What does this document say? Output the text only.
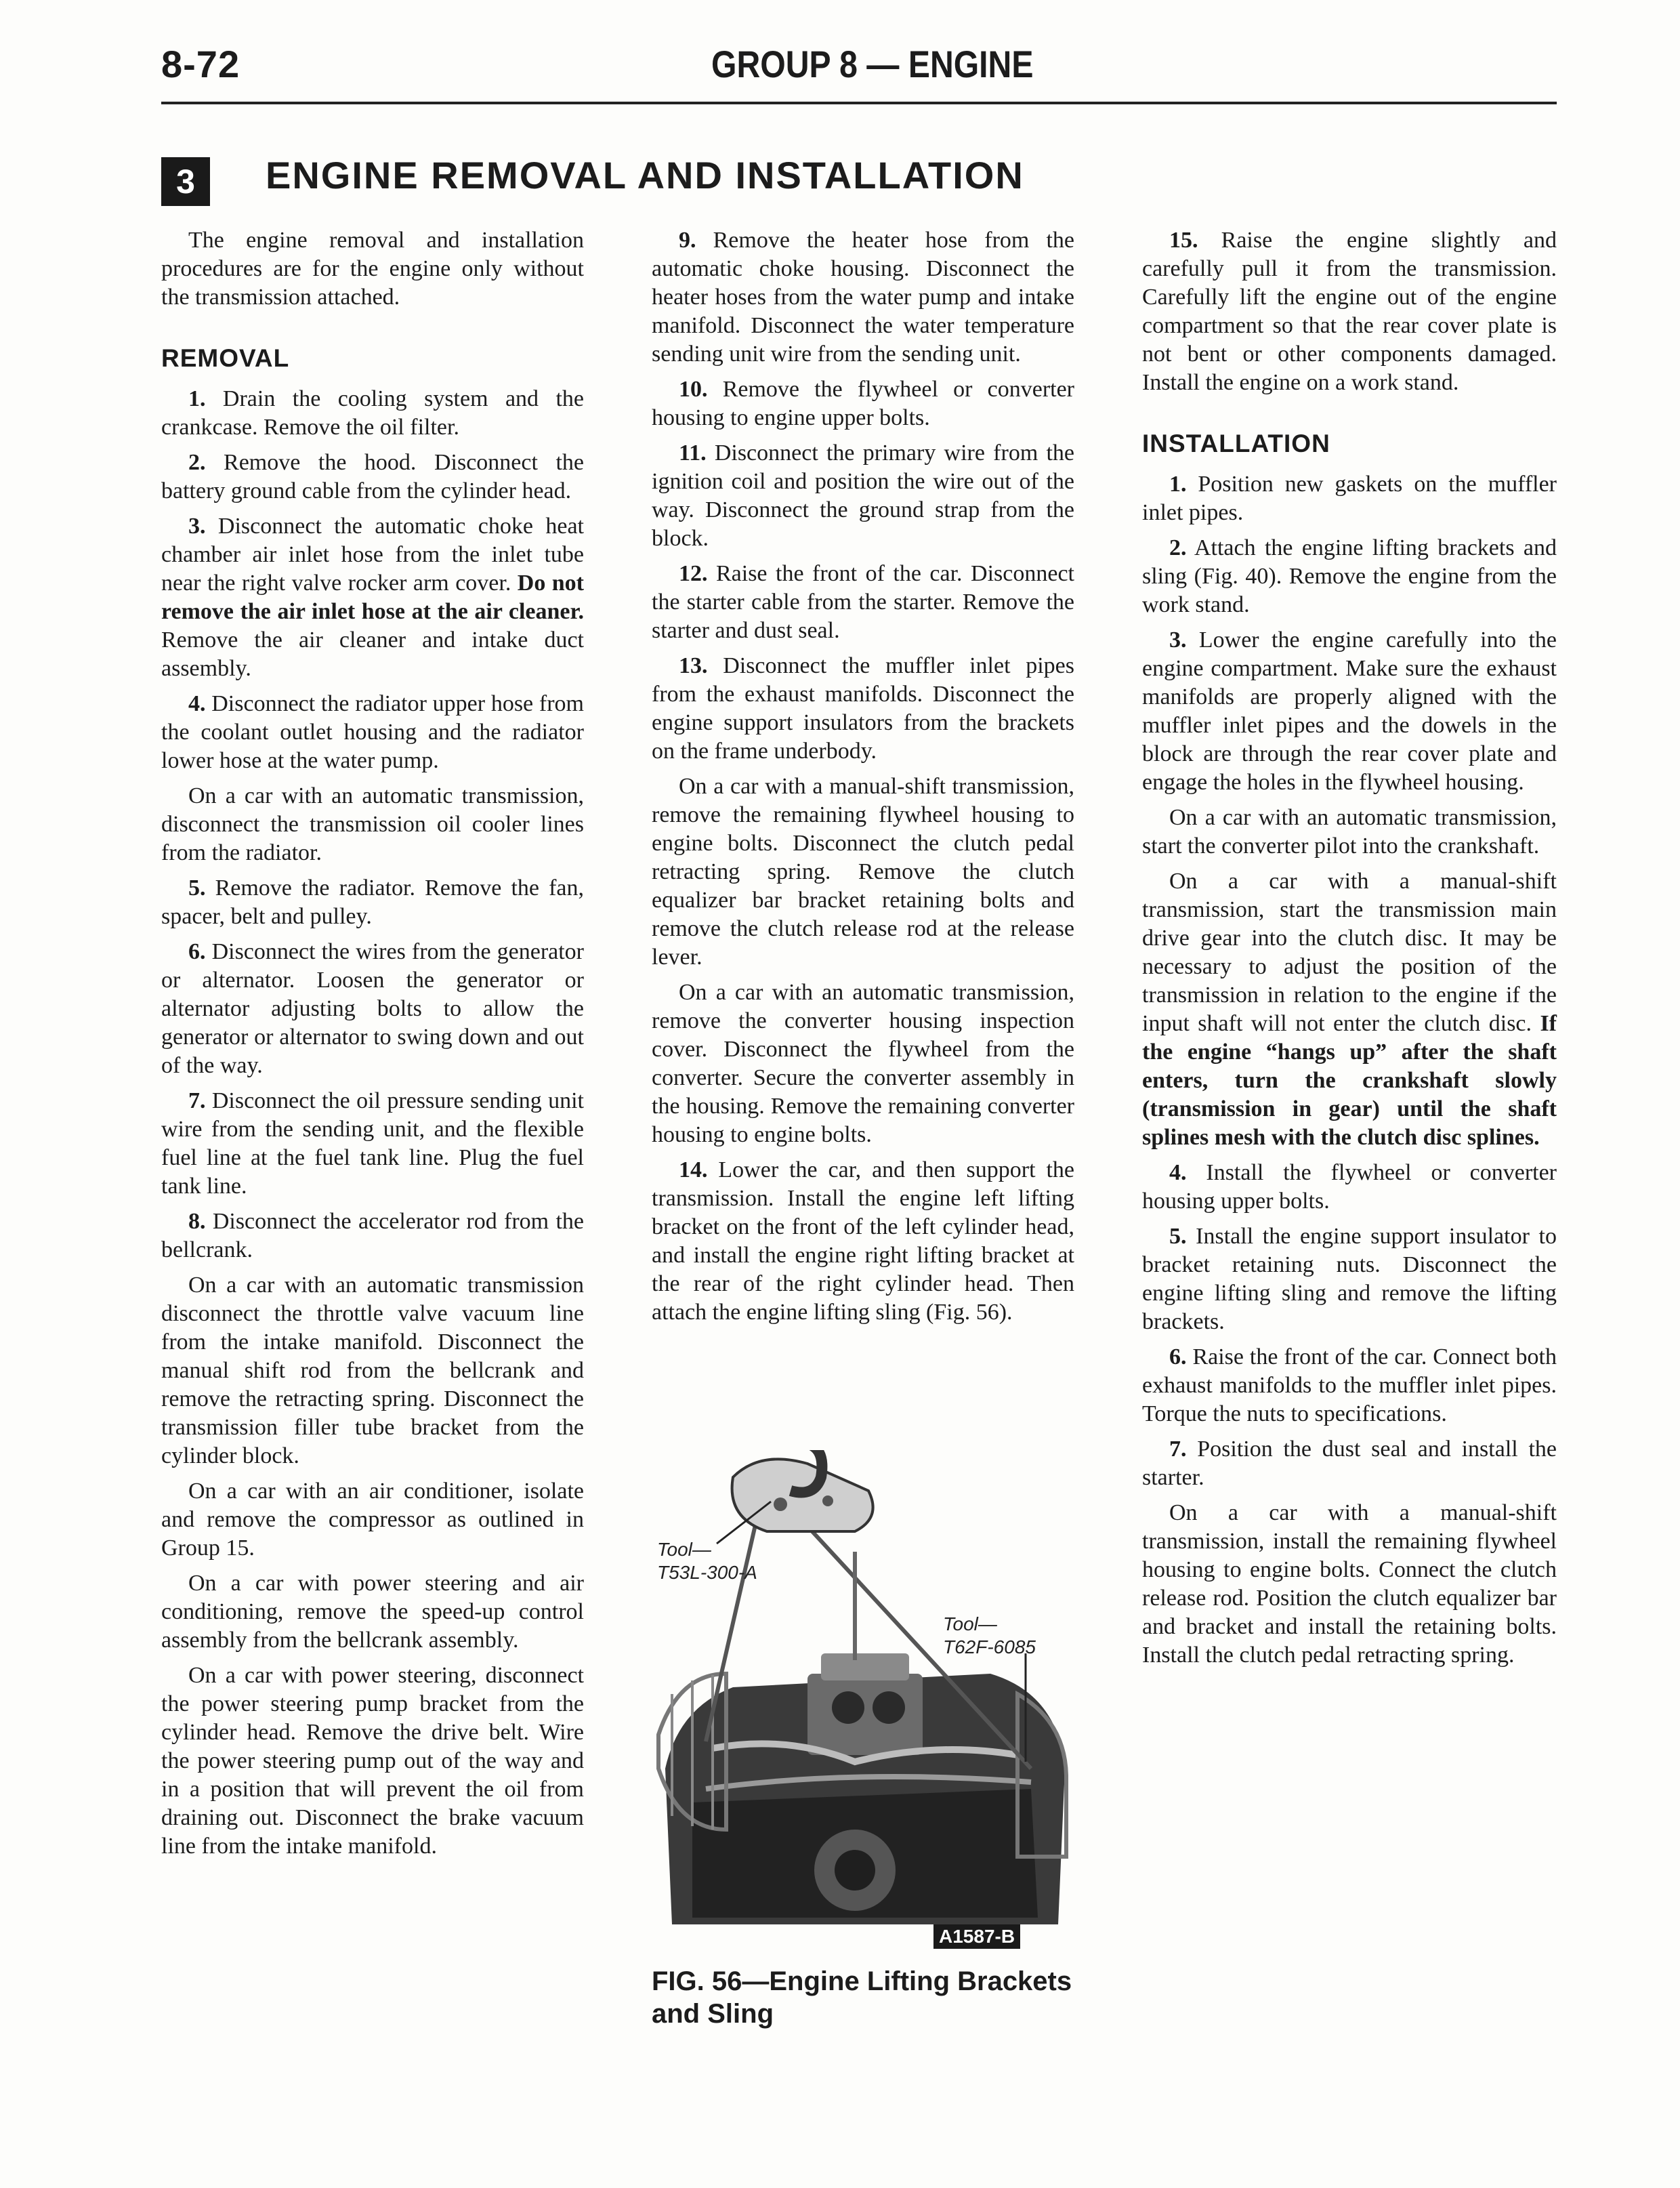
8-72	GROUP 8 — ENGINE
3	ENGINE REMOVAL AND INSTALLATION

The engine removal and installation procedures are for the engine only without the transmission attached.

REMOVAL

1. Drain the cooling system and the crankcase. Remove the oil filter.

2. Remove the hood. Disconnect the battery ground cable from the cylinder head.

3. Disconnect the automatic choke heat chamber air inlet hose from the inlet tube near the right valve rocker arm cover. Do not remove the air inlet hose at the air cleaner. Remove the air cleaner and intake duct assembly.

4. Disconnect the radiator upper hose from the coolant outlet housing and the radiator lower hose at the water pump.

On a car with an automatic transmission, disconnect the transmission oil cooler lines from the radiator.

5. Remove the radiator. Remove the fan, spacer, belt and pulley.

6. Disconnect the wires from the generator or alternator. Loosen the generator or alternator adjusting bolts to allow the generator or alternator to swing down and out of the way.

7. Disconnect the oil pressure sending unit wire from the sending unit, and the flexible fuel line at the fuel tank line. Plug the fuel tank line.

8. Disconnect the accelerator rod from the bellcrank.

On a car with an automatic transmission disconnect the throttle valve vacuum line from the intake manifold. Disconnect the manual shift rod from the bellcrank and remove the retracting spring. Disconnect the transmission filler tube bracket from the cylinder block.

On a car with an air conditioner, isolate and remove the compressor as outlined in Group 15.

On a car with power steering and air conditioning, remove the speed-up control assembly from the bellcrank assembly.

On a car with power steering, disconnect the power steering pump bracket from the cylinder head. Remove the drive belt. Wire the power steering pump out of the way and in a position that will prevent the oil from draining out. Disconnect the brake vacuum line from the intake manifold.

9. Remove the heater hose from the automatic choke housing. Disconnect the heater hoses from the water pump and intake manifold. Disconnect the water temperature sending unit wire from the sending unit.

10. Remove the flywheel or converter housing to engine upper bolts.

11. Disconnect the primary wire from the ignition coil and position the wire out of the way. Disconnect the ground strap from the block.

12. Raise the front of the car. Disconnect the starter cable from the starter. Remove the starter and dust seal.

13. Disconnect the muffler inlet pipes from the exhaust manifolds. Disconnect the engine support insulators from the brackets on the frame underbody.

On a car with a manual-shift transmission, remove the remaining flywheel housing to engine bolts. Disconnect the clutch pedal retracting spring. Remove the clutch equalizer bar bracket retaining bolts and remove the clutch release rod at the release lever.

On a car with an automatic transmission, remove the converter housing inspection cover. Disconnect the flywheel from the converter. Secure the converter assembly in the housing. Remove the remaining converter housing to engine bolts.

14. Lower the car, and then support the transmission. Install the engine left lifting bracket on the front of the left cylinder head, and install the engine right lifting bracket at the rear of the right cylinder head. Then attach the engine lifting sling (Fig. 56).

15. Raise the engine slightly and carefully pull it from the transmission. Carefully lift the engine out of the engine compartment so that the rear cover plate is not bent or other components damaged. Install the engine on a work stand.

INSTALLATION

1. Position new gaskets on the muffler inlet pipes.

2. Attach the engine lifting brackets and sling (Fig. 40). Remove the engine from the work stand.

3. Lower the engine carefully into the engine compartment. Make sure the exhaust manifolds are properly aligned with the muffler inlet pipes and the dowels in the block are through the rear cover plate and engage the holes in the flywheel housing.

On a car with an automatic transmission, start the converter pilot into the crankshaft.

On a car with a manual-shift transmission, start the transmission main drive gear into the clutch disc. It may be necessary to adjust the position of the transmission in relation to the engine if the input shaft will not enter the clutch disc. If the engine “hangs up” after the shaft enters, turn the crankshaft slowly (transmission in gear) until the shaft splines mesh with the clutch disc splines.

4. Install the flywheel or converter housing upper bolts.

5. Install the engine support insulator to bracket retaining nuts. Disconnect the engine lifting sling and remove the lifting brackets.

6. Raise the front of the car. Connect both exhaust manifolds to the muffler inlet pipes. Torque the nuts to specifications.

7. Position the dust seal and install the starter.

On a car with a manual-shift transmission, install the remaining flywheel housing to engine bolts. Connect the clutch release rod. Position the clutch equalizer bar and bracket and install the retaining bolts. Install the clutch pedal retracting spring.

Tool—
T53L-300-A
Tool—
T62F-6085
A1587-B
FIG. 56—Engine Lifting Brackets and Sling
